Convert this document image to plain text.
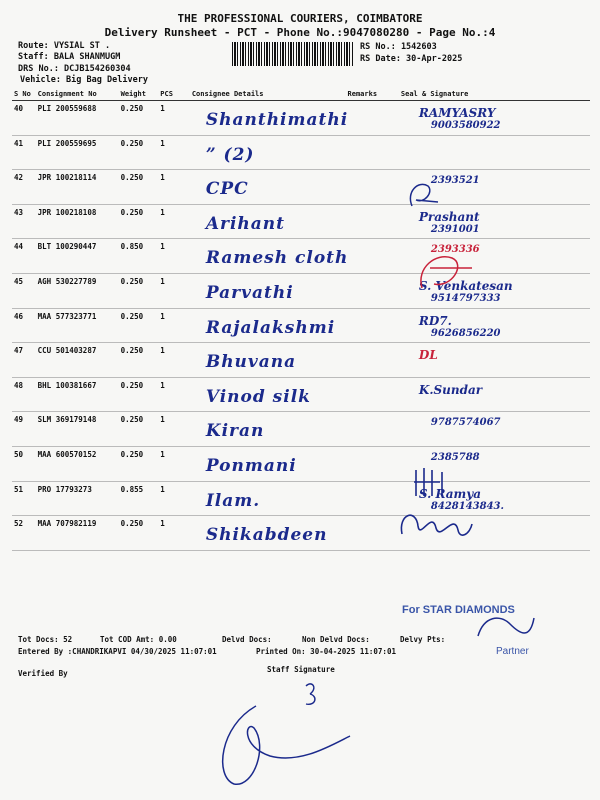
THE PROFESSIONAL COURIERS, COIMBATORE
Delivery Runsheet - PCT - Phone No.:9047080280 - Page No.:4
Route: VYSIAL ST .
Staff: BALA SHANMUGM
DRS No.: DCJB154260304
Vehicle: Big Bag Delivery
RS No.: 1542603
RS Date: 30-Apr-2025
S No	Consignment No	Weight	PCS	Consignee Details	Remarks	Seal & Signature
40	PLI 200559688	0.250	1	Shanthimathi		RAMYASRY
9003580922

41	PLI 200559695	0.250	1	” (2)		

42	JPR 100218114	0.250	1	CPC		2393521

43	JPR 100218108	0.250	1	Arihant		Prashant
2391001

44	BLT 100290447	0.850	1	Ramesh cloth		2393336

45	AGH 530227789	0.250	1	Parvathi		S. Venkatesan
9514797333

46	MAA 577323771	0.250	1	Rajalakshmi		RD7.
9626856220

47	CCU 501403287	0.250	1	Bhuvana		DL

48	BHL 100381667	0.250	1	Vinod silk		K.Sundar

49	SLM 369179148	0.250	1	Kiran		9787574067

50	MAA 600570152	0.250	1	Ponmani		2385788

51	PRO 17793273	0.855	1	Ilam.		S. Ramya
8428143843.

52	MAA 707982119	0.250	1	Shikabdeen		
Tot Docs: 52	Tot COD Amt: 0.00	Delvd Docs:	Non Delvd Docs:	Delvy Pts:
Entered By :CHANDRIKAPVI 04/30/2025 11:07:01	Printed On: 30-04-2025 11:07:01
Verified By	Staff Signature
For STAR DIAMONDS
Partner
